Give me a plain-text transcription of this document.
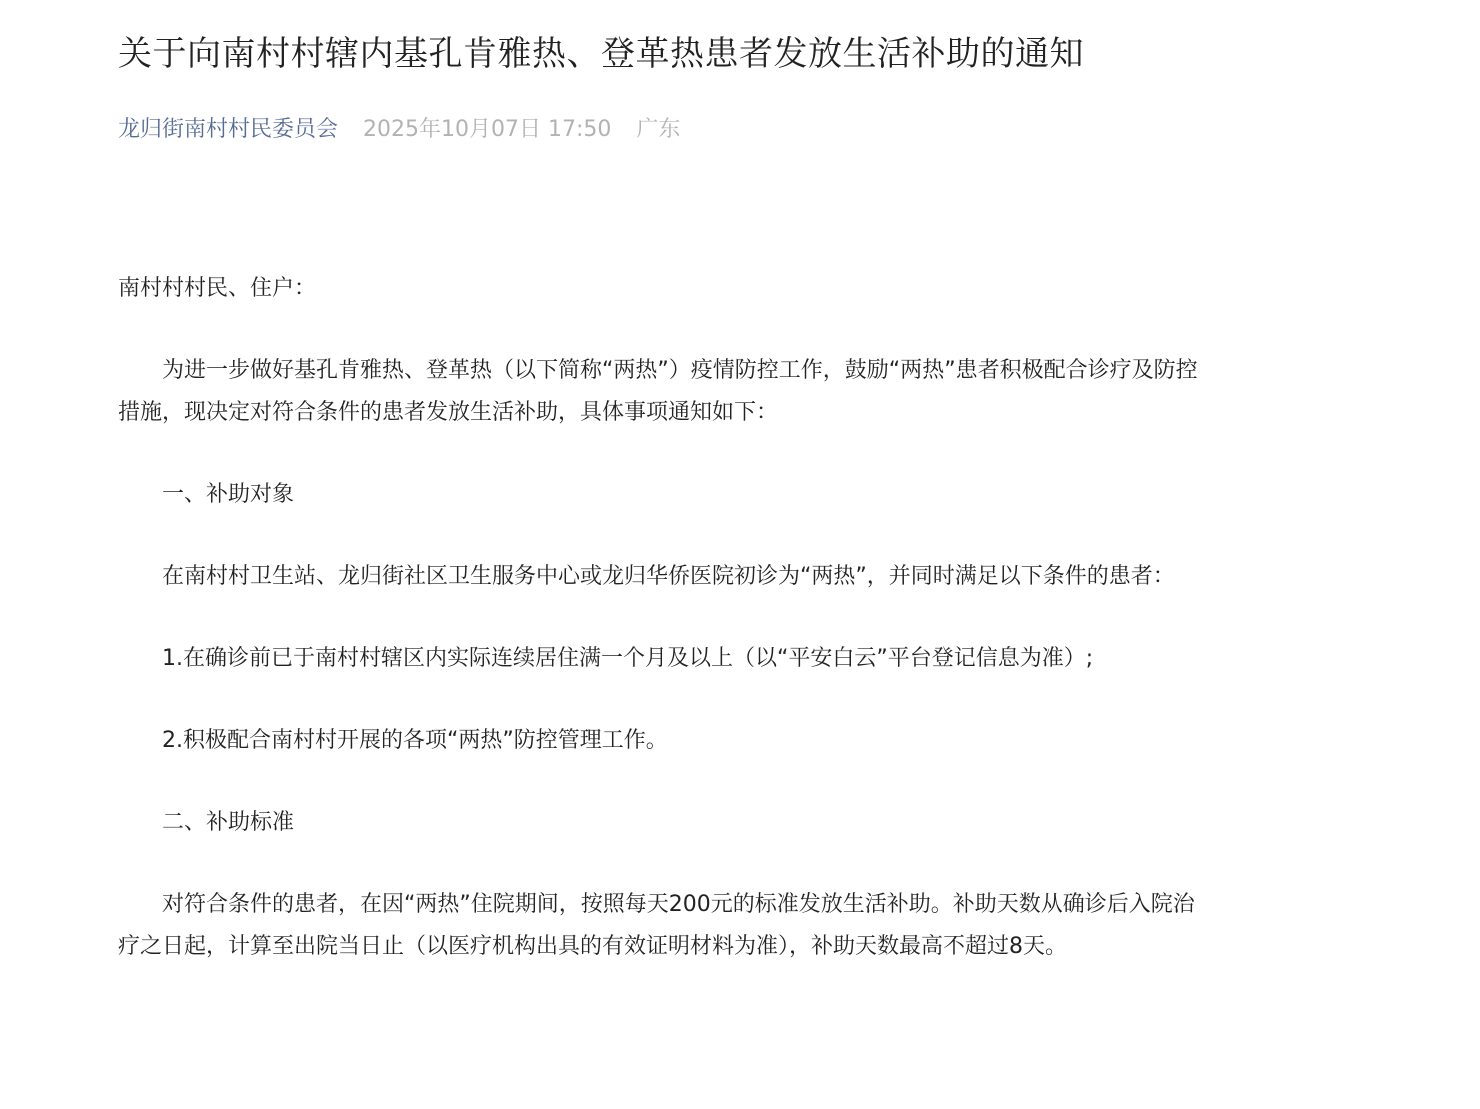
关于向南村村辖内基孔肯雅热、登革热患者发放生活补助的通知
龙归街南村村民委员会 2025年10月07日 17:50 广东

南村村村民、住户：

为进一步做好基孔肯雅热、登革热（以下简称“两热”）疫情防控工作，鼓励“两热”患者积极配合诊疗及防控措施，现决定对符合条件的患者发放生活补助，具体事项通知如下：

一、补助对象

在南村村卫生站、龙归街社区卫生服务中心或龙归华侨医院初诊为“两热”，并同时满足以下条件的患者：

1.在确诊前已于南村村辖区内实际连续居住满一个月及以上（以“平安白云”平台登记信息为准）;

2.积极配合南村村开展的各项“两热”防控管理工作。

二、补助标准

对符合条件的患者，在因“两热”住院期间，按照每天200元的标准发放生活补助。补助天数从确诊后入院治疗之日起，计算至出院当日止（以医疗机构出具的有效证明材料为准），补助天数最高不超过8天。
